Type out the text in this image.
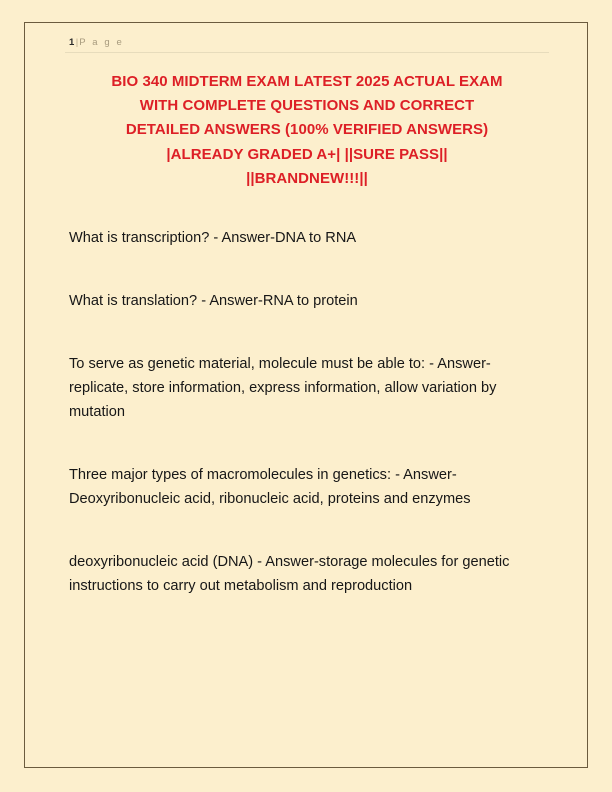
1|P a g e
BIO 340 MIDTERM EXAM LATEST 2025 ACTUAL EXAM
WITH COMPLETE QUESTIONS AND CORRECT
DETAILED ANSWERS (100% VERIFIED ANSWERS)
|ALREADY GRADED A+| ||SURE PASS||
||BRANDNEW!!!||

What is transcription? - Answer-DNA to RNA

What is translation? - Answer-RNA to protein

To serve as genetic material, molecule must be able to: - Answer-replicate, store information, express information, allow variation by mutation

Three major types of macromolecules in genetics: - Answer-Deoxyribonucleic acid, ribonucleic acid, proteins and enzymes

deoxyribonucleic acid (DNA) - Answer-storage molecules for genetic instructions to carry out metabolism and reproduction
